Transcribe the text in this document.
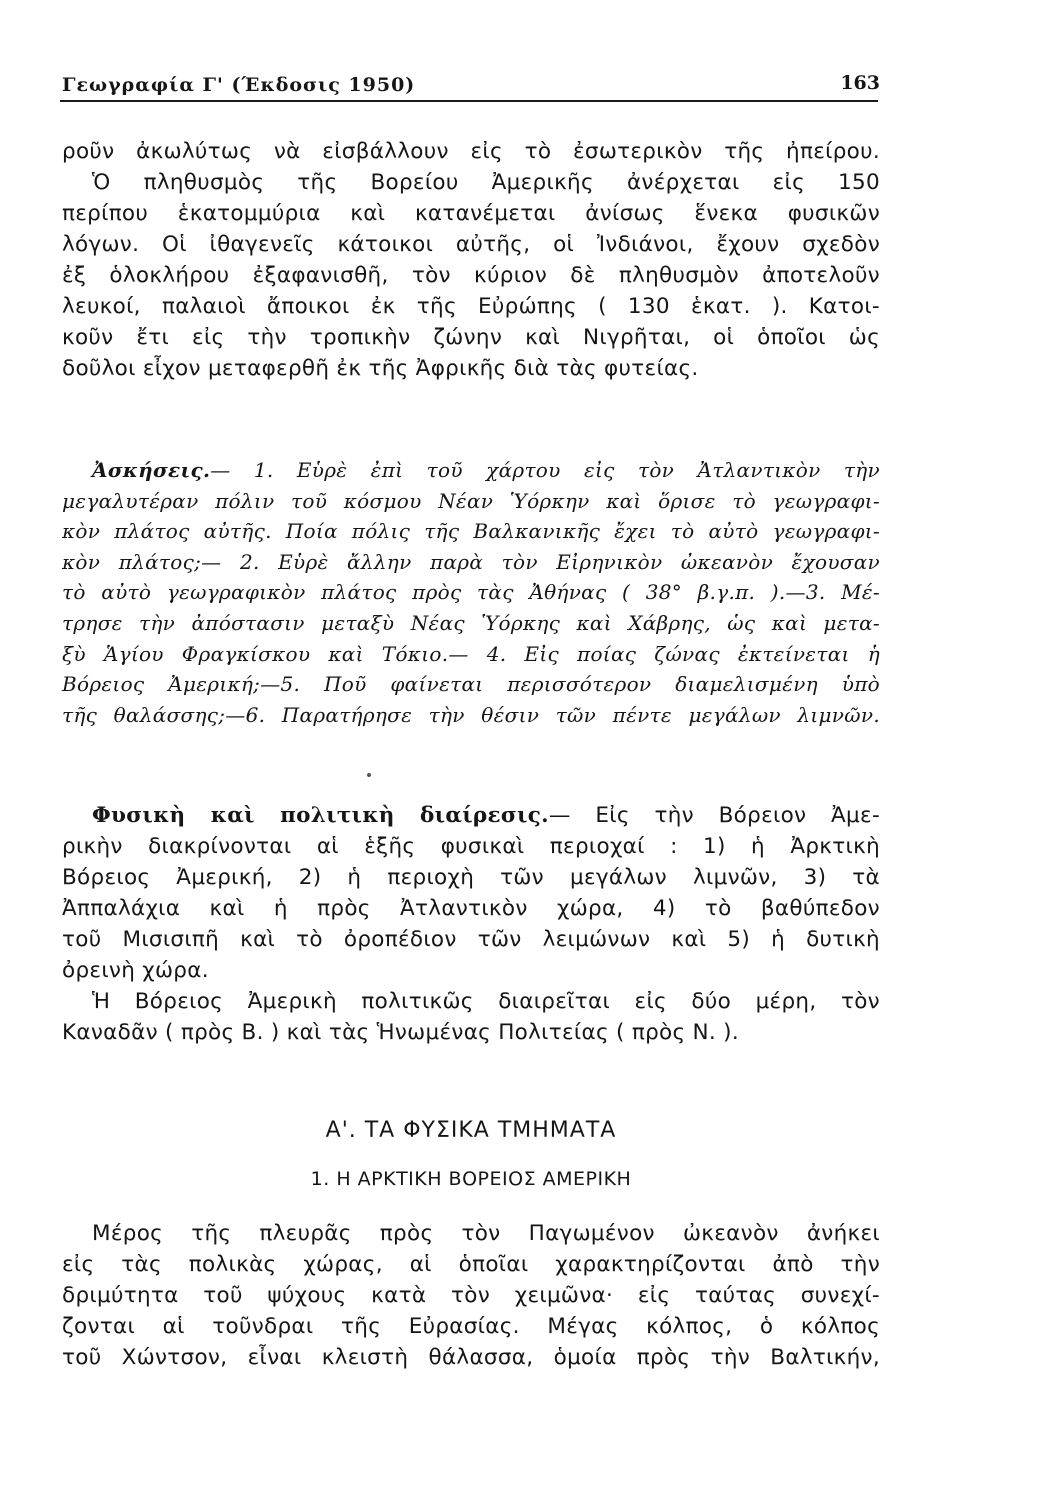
Γεωγραφία Γ' (Έκδοσις 1950)	163
ροῦν ἀκωλύτως νὰ εἰσβάλλουν εἰς τὸ ἐσωτερικὸν τῆς ἠπείρου.
Ὁ πληθυσμὸς τῆς Βορείου Ἀμερικῆς ἀνέρχεται εἰς 150
περίπου ἑκατομμύρια καὶ κατανέμεται ἀνίσως ἕνεκα φυσικῶν
λόγων. Οἱ ἰθαγενεῖς κάτοικοι αὐτῆς, οἱ Ἰνδιάνοι, ἔχουν σχεδὸν
ἐξ ὁλοκλήρου ἐξαφανισθῆ, τὸν κύριον δὲ πληθυσμὸν ἀποτελοῦν
λευκοί, παλαιοὶ ἄποικοι ἐκ τῆς Εὐρώπης ( 130 ἑκατ. ). Κατοι-
κοῦν ἔτι εἰς τὴν τροπικὴν ζώνην καὶ Νιγρῆται, οἱ ὁποῖοι ὡς
δοῦλοι εἶχον μεταφερθῆ ἐκ τῆς Ἀφρικῆς διὰ τὰς φυτείας.
Ἀσκήσεις.— 1. Εὑρὲ ἐπὶ τοῦ χάρτου εἰς τὸν Ἀτλαντικὸν τὴν
μεγαλυτέραν πόλιν τοῦ κόσμου Νέαν Ὑόρκην καὶ ὅρισε τὸ γεωγραφι-
κὸν πλάτος αὐτῆς. Ποία πόλις τῆς Βαλκανικῆς ἔχει τὸ αὐτὸ γεωγραφι-
κὸν πλάτος;— 2. Εὑρὲ ἄλλην παρὰ τὸν Εἰρηνικὸν ὠκεανὸν ἔχουσαν
τὸ αὐτὸ γεωγραφικὸν πλάτος πρὸς τὰς Ἀθήνας ( 38° β.γ.π. ).—3. Μέ-
τρησε τὴν ἀπόστασιν μεταξὺ Νέας Ὑόρκης καὶ Χάβρης, ὡς καὶ μετα-
ξὺ Ἁγίου Φραγκίσκου καὶ Τόκιο.— 4. Εἰς ποίας ζώνας ἐκτείνεται ἡ
Βόρειος Ἀμερική;—5. Ποῦ φαίνεται περισσότερον διαμελισμένη ὑπὸ
τῆς θαλάσσης;—6. Παρατήρησε τὴν θέσιν τῶν πέντε μεγάλων λιμνῶν.
Φυσικὴ καὶ πολιτικὴ διαίρεσις.— Εἰς τὴν Βόρειον Ἀμε-
ρικὴν διακρίνονται αἱ ἑξῆς φυσικαὶ περιοχαί : 1) ἡ Ἀρκτικὴ
Βόρειος Ἀμερική, 2) ἡ περιοχὴ τῶν μεγάλων λιμνῶν, 3) τὰ
Ἀππαλάχια καὶ ἡ πρὸς Ἀτλαντικὸν χώρα, 4) τὸ βαθύπεδον
τοῦ Μισισιπῆ καὶ τὸ ὀροπέδιον τῶν λειμώνων καὶ 5) ἡ δυτικὴ
ὀρεινὴ χώρα.
Ἡ Βόρειος Ἀμερικὴ πολιτικῶς διαιρεῖται εἰς δύο μέρη, τὸν
Καναδᾶν ( πρὸς Β. ) καὶ τὰς Ἡνωμένας Πολιτείας ( πρὸς Ν. ).
Α'. ΤΑ ΦΥΣΙΚΑ ΤΜΗΜΑΤΑ
1. Η ΑΡΚΤΙΚΗ ΒΟΡΕΙΟΣ ΑΜΕΡΙΚΗ
Μέρος τῆς πλευρᾶς πρὸς τὸν Παγωμένον ὠκεανὸν ἀνήκει
εἰς τὰς πολικὰς χώρας, αἱ ὁποῖαι χαρακτηρίζονται ἀπὸ τὴν
δριμύτητα τοῦ ψύχους κατὰ τὸν χειμῶνα· εἰς ταύτας συνεχί-
ζονται αἱ τοῦνδραι τῆς Εὐρασίας. Μέγας κόλπος, ὁ κόλπος
τοῦ Χώντσον, εἶναι κλειστὴ θάλασσα, ὁμοία πρὸς τὴν Βαλτικήν,
